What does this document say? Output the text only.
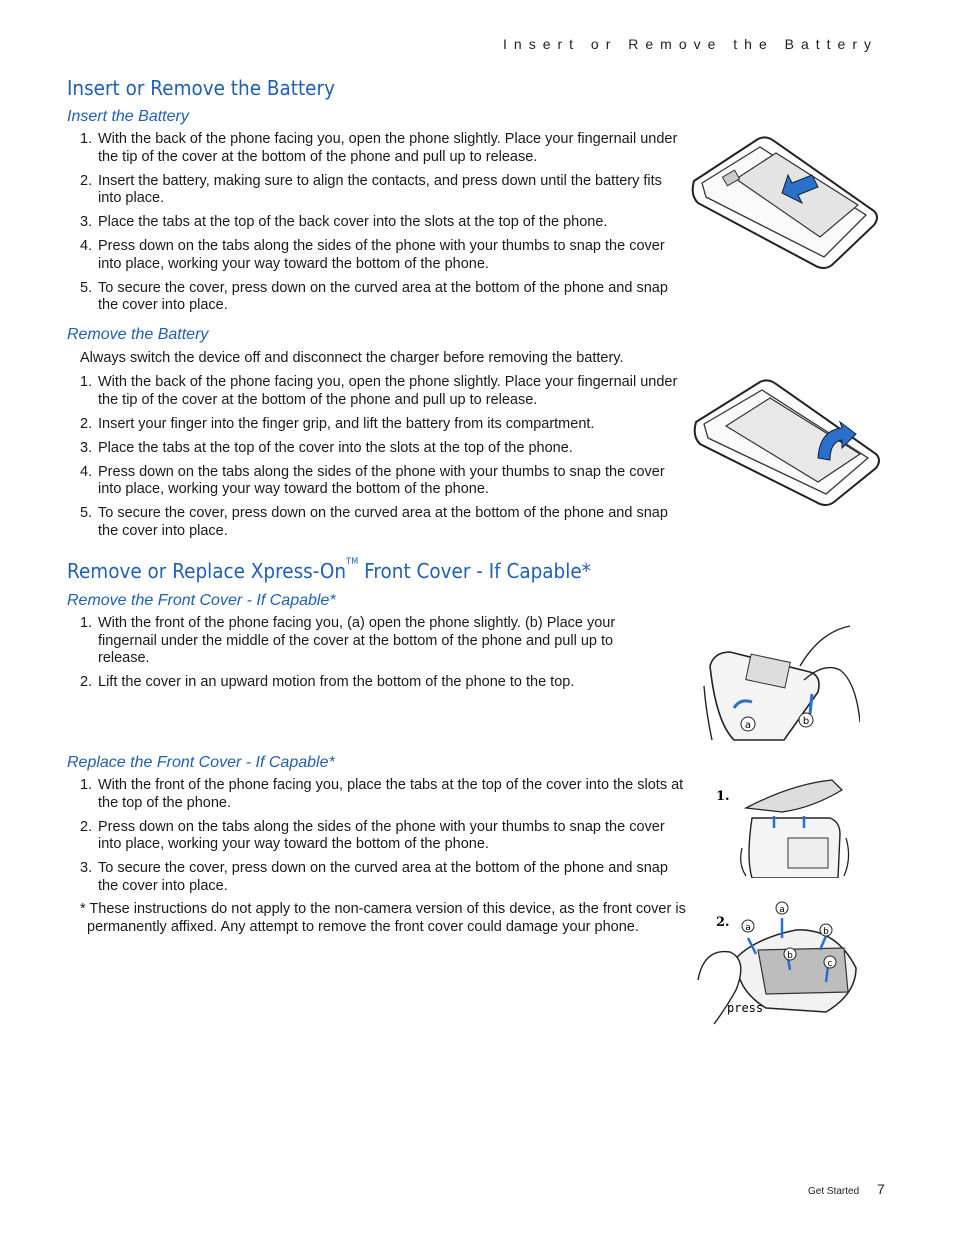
Insert or Remove the Battery
Insert or Remove the Battery
Insert the Battery
1. With the back of the phone facing you, open the phone slightly. Place your fingernail under the tip of the cover at the bottom of the phone and pull up to release.
2. Insert the battery, making sure to align the contacts, and press down until the battery fits into place.
3. Place the tabs at the top of the back cover into the slots at the top of the phone.
4. Press down on the tabs along the sides of the phone with your thumbs to snap the cover into place, working your way toward the bottom of the phone.
5. To secure the cover, press down on the curved area at the bottom of the phone and snap the cover into place.
Remove the Battery

Always switch the device off and disconnect the charger before removing the battery.

1. With the back of the phone facing you, open the phone slightly. Place your fingernail under the tip of the cover at the bottom of the phone and pull up to release.
2. Insert your finger into the finger grip, and lift the battery from its compartment.
3. Place the tabs at the top of the cover into the slots at the top of the phone.
4. Press down on the tabs along the sides of the phone with your thumbs to snap the cover into place, working your way toward the bottom of the phone.
5. To secure the cover, press down on the curved area at the bottom of the phone and snap the cover into place.
Remove or Replace Xpress-On™ Front Cover - If Capable*
Remove the Front Cover - If Capable*
1. With the front of the phone facing you, (a) open the phone slightly. (b) Place your fingernail under the middle of the cover at the bottom of the phone and pull up to release.
2. Lift the cover in an upward motion from the bottom of the phone to the top.
Replace the Front Cover - If Capable*
1. With the front of the phone facing you, place the tabs at the top of the cover into the slots at the top of the phone.
2. Press down on the tabs along the sides of the phone with your thumbs to snap the cover into place, working your way toward the bottom of the phone.
3. To secure the cover, press down on the curved area at the bottom of the phone and snap the cover into place.

* These instructions do not apply to the non-camera version of this device, as the front cover is permanently affixed. Any attempt to remove the front cover could damage your phone.

a	b
1.
2.
a
a	b
b
c
press
Get Started 7
